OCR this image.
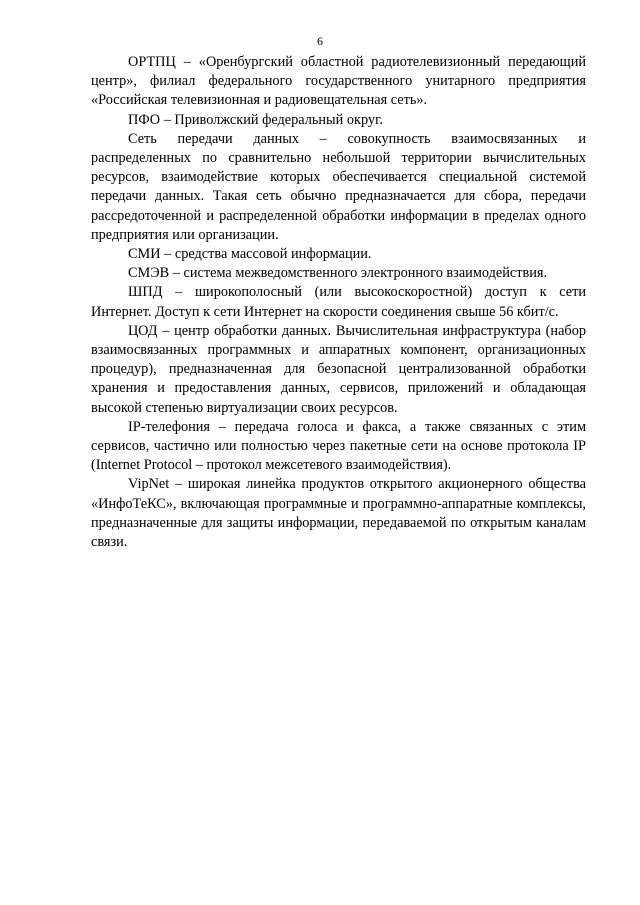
6

ОРТПЦ – «Оренбургский областной радиотелевизионный передающий центр», филиал федерального государственного унитарного предприятия «Российская телевизионная и радиовещательная сеть».

ПФО – Приволжский федеральный округ.

Сеть передачи данных – совокупность взаимосвязанных и распределенных по сравнительно небольшой территории вычислительных ресурсов, взаимодействие которых обеспечивается специальной системой передачи данных. Такая сеть обычно предназначается для сбора, передачи рассредоточенной и распределенной обработки информации в пределах одного предприятия или организации.

СМИ – средства массовой информации.

СМЭВ – система межведомственного электронного взаимодействия.

ШПД – широкополосный (или высокоскоростной) доступ к сети Интернет. Доступ к сети Интернет на скорости соединения свыше 56 кбит/с.

ЦОД – центр обработки данных. Вычислительная инфраструктура (набор взаимосвязанных программных и аппаратных компонент, организационных процедур), предназначенная для безопасной централизованной обработки хранения и предоставления данных, сервисов, приложений и обладающая высокой степенью виртуализации своих ресурсов.

IP-телефония – передача голоса и факса, а также связанных с этим сервисов, частично или полностью через пакетные сети на основе протокола IP (Internet Protocol – протокол межсетевого взаимодействия).

VipNet – широкая линейка продуктов открытого акционерного общества «ИнфоТеКС», включающая программные и программно-аппаратные комплексы, предназначенные для защиты информации, передаваемой по открытым каналам связи.
